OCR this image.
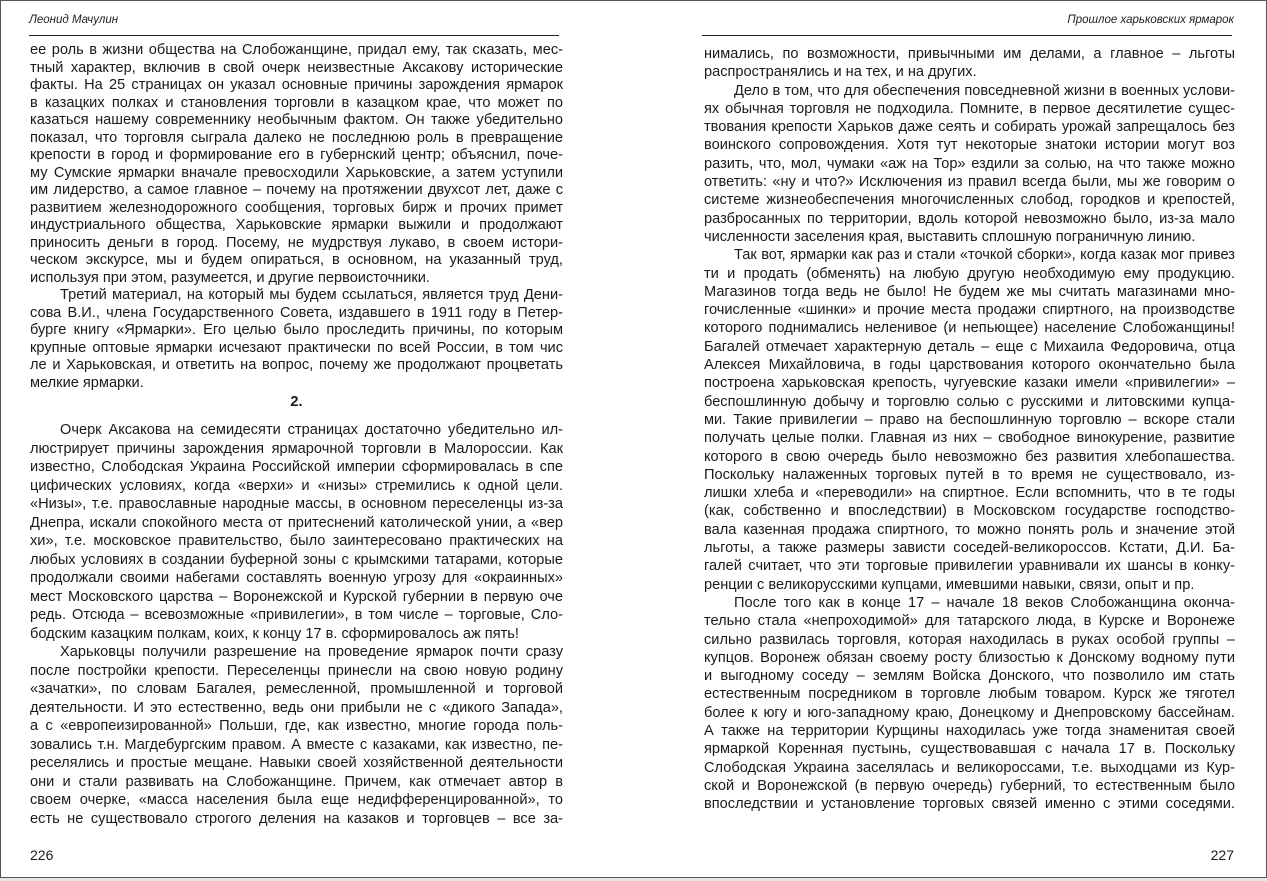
Леонид Мачулин
ее роль в жизни общества на Слобожанщине, придал ему, так сказать, мес-
тный характер, включив в свой очерк неизвестные Аксакову исторические
факты. На 25 страницах он указал основные причины зарождения ярмарок
в казацких полках и становления торговли в казацком крае, что может по
казаться нашему современнику необычным фактом. Он также убедительно
показал, что торговля сыграла далеко не последнюю роль в превращение
крепости в город и формирование его в губернский центр; объяснил, поче-
му Сумские ярмарки вначале превосходили Харьковские, а затем уступили
им лидерство, а самое главное – почему на протяжении двухсот лет, даже с
развитием железнодорожного сообщения, торговых бирж и прочих примет
индустриального общества, Харьковские ярмарки выжили и продолжают
приносить деньги в город. Посему, не мудрствуя лукаво, в своем истори-
ческом экскурсе, мы и будем опираться, в основном, на указанный труд,
используя при этом, разумеется, и другие первоисточники.
Третий материал, на который мы будем ссылаться, является труд Дени-
сова В.И., члена Государственного Совета, издавшего в 1911 году в Петер-
бурге книгу «Ярмарки». Его целью было проследить причины, по которым
крупные оптовые ярмарки исчезают практически по всей России, в том чис
ле и Харьковская, и ответить на вопрос, почему же продолжают процветать
мелкие ярмарки.
2.
Очерк Аксакова на семидесяти страницах достаточно убедительно ил-
люстрирует причины зарождения ярмарочной торговли в Малороссии. Как
известно, Слободская Украина Российской империи сформировалась в спе
цифических условиях, когда «верхи» и «низы» стремились к одной цели.
«Низы», т.е. православные народные массы, в основном переселенцы из-за
Днепра, искали спокойного места от притеснений католической унии, а «вер
хи», т.е. московское правительство, было заинтересовано практических на
любых условиях в создании буферной зоны с крымскими татарами, которые
продолжали своими набегами составлять военную угрозу для «окраинных»
мест Московского царства – Воронежской и Курской губернии в первую оче
редь. Отсюда – всевозможные «привилегии», в том числе – торговые, Сло-
бодским казацким полкам, коих, к концу 17 в. сформировалось аж пять!
Харьковцы получили разрешение на проведение ярмарок почти сразу
после постройки крепости. Переселенцы принесли на свою новую родину
«зачатки», по словам Багалея, ремесленной, промышленной и торговой
деятельности. И это естественно, ведь они прибыли не с «дикого Запада»,
а с «европеизированной» Польши, где, как известно, многие города поль-
зовались т.н. Магдебургским правом. А вместе с казаками, как известно, пе-
реселялись и простые мещане. Навыки своей хозяйственной деятельности
они и стали развивать на Слобожанщине. Причем, как отмечает автор в
своем очерке, «масса населения была еще недифференцированной», то
есть не существовало строгого деления на казаков и торговцев – все за-
226
Прошлое харьковских ярмарок
нимались, по возможности, привычными им делами, а главное – льготы
распространялись и на тех, и на других.
Дело в том, что для обеспечения повседневной жизни в военных услови-
ях обычная торговля не подходила. Помните, в первое десятилетие сущес-
твования крепости Харьков даже сеять и собирать урожай запрещалось без
воинского сопровождения. Хотя тут некоторые знатоки истории могут воз
разить, что, мол, чумаки «аж на Тор» ездили за солью, на что также можно
ответить: «ну и что?» Исключения из правил всегда были, мы же говорим о
системе жизнеобеспечения многочисленных слобод, городков и крепостей,
разбросанных по территории, вдоль которой невозможно было, из-за мало
численности заселения края, выставить сплошную пограничную линию.
Так вот, ярмарки как раз и стали «точкой сборки», когда казак мог привез
ти и продать (обменять) на любую другую необходимую ему продукцию.
Магазинов тогда ведь не было! Не будем же мы считать магазинами мно-
гочисленные «шинки» и прочие места продажи спиртного, на производстве
которого поднимались неленивое (и непьющее) население Слобожанщины!
Багалей отмечает характерную деталь – еще с Михаила Федоровича, отца
Алексея Михайловича, в годы царствования которого окончательно была
построена харьковская крепость, чугуевские казаки имели «привилегии» –
беспошлинную добычу и торговлю солью с русскими и литовскими купца-
ми. Такие привилегии – право на беспошлинную торговлю – вскоре стали
получать целые полки. Главная из них – свободное винокурение, развитие
которого в свою очередь было невозможно без развития хлебопашества.
Поскольку налаженных торговых путей в то время не существовало, из-
лишки хлеба и «переводили» на спиртное. Если вспомнить, что в те годы
(как, собственно и впоследствии) в Московском государстве господство-
вала казенная продажа спиртного, то можно понять роль и значение этой
льготы, а также размеры зависти соседей-великороссов. Кстати, Д.И. Ба-
галей считает, что эти торговые привилегии уравнивали их шансы в конку-
ренции с великорусскими купцами, имевшими навыки, связи, опыт и пр.
После того как в конце 17 – начале 18 веков Слобожанщина оконча-
тельно стала «непроходимой» для татарского люда, в Курске и Воронеже
сильно развилась торговля, которая находилась в руках особой группы –
купцов. Воронеж обязан своему росту близостью к Донскому водному пути
и выгодному соседу – землям Войска Донского, что позволило им стать
естественным посредником в торговле любым товаром. Курск же тяготел
более к югу и юго-западному краю, Донецкому и Днепровскому бассейнам.
А также на территории Курщины находилась уже тогда знаменитая своей
ярмаркой Коренная пустынь, существовавшая с начала 17 в. Поскольку
Слободская Украина заселялась и великороссами, т.е. выходцами из Кур-
ской и Воронежской (в первую очередь) губерний, то естественным было
впоследствии и установление торговых связей именно с этими соседями.
227
